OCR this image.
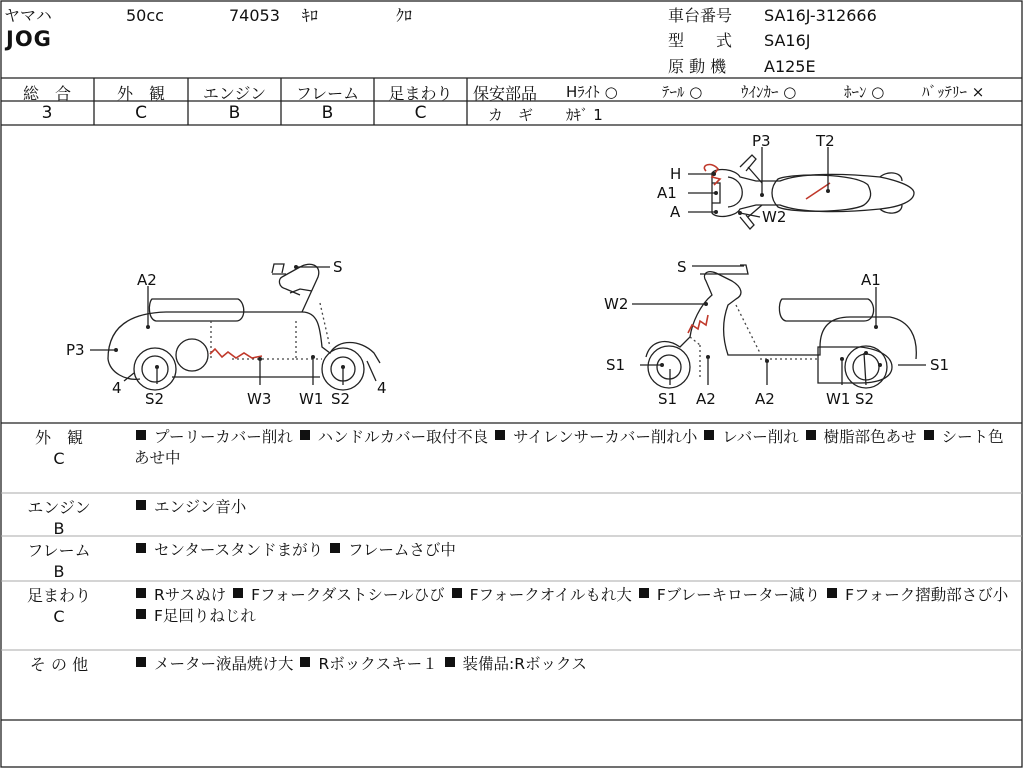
ヤマハ	50cc	74053 ｷﾛ	ｸﾛ
JOG
車台番号 SA16J-312666
型　　式 SA16J
原 動 機 A125E
総　合
3
外　観
C
エンジン
B
フレーム
B
足まわり
C
保安部品 Hﾗｲﾄ ○	ﾃｰﾙ ○	ｳｲﾝｶｰ ○	ﾎｰﾝ ○	ﾊﾞｯﾃﾘｰ ×
カ　ギ ｶｷﾞ 1
A2
S
P3
4
S2	W3 W1 S2
4
S
A1
W2
S1	S1
S1 A2	A2	W1 S2
P3	T2
H
A1
A	W2
外　観
C
プーリーカバー削れ ハンドルカバー取付不良 サイレンサーカバー削れ小 レバー削れ 樹脂部色あせ シート色あせ中
エンジン
B
エンジン音小
フレーム
B
センタースタンドまがり フレームさび中
足まわり
C
Rサスぬけ Fフォークダストシールひび Fフォークオイルもれ大 Fブレーキローター減り Fフォーク摺動部さび小 F足回りねじれ
そ の 他	メーター液晶焼け大 Rボックスキー１ 装備品:Rボックス
